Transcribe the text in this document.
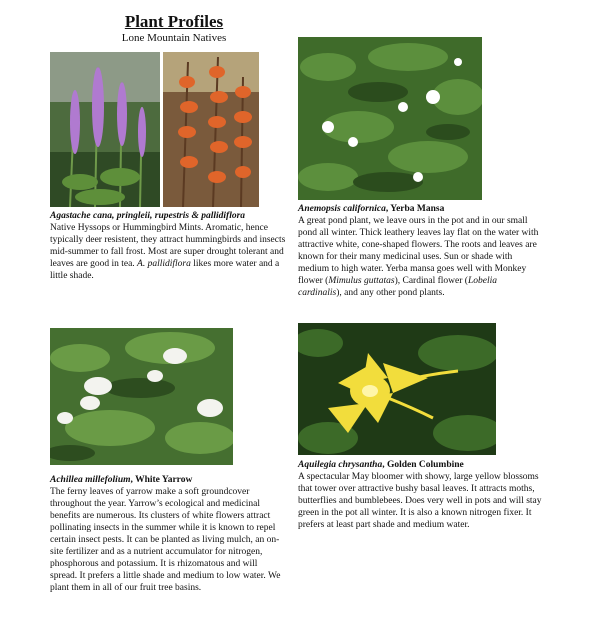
Plant Profiles
Lone Mountain Natives

Agastache cana, pringleii, rupestris & pallidiflora

Native Hyssops or Hummingbird Mints. Aromatic, hence typically deer resistent, they attract hummingbirds and insects mid-summer to fall frost. Most are super drought tolerant and leaves are good in tea. A. pallidiflora likes more water and a little shade.

Anemopsis californica, Yerba Mansa

A great pond plant, we leave ours in the pot and in our small pond all winter. Thick leathery leaves lay flat on the water with attractive white, cone-shaped flowers. The roots and leaves are known for their many medicinal uses. Sun or shade with medium to high water. Yerba mansa goes well with Monkey flower (Mimulus guttatas), Cardinal flower (Lobelia cardinalis), and any other pond plants.

Achillea millefolium, White Yarrow

The ferny leaves of yarrow make a soft groundcover throughout the year. Yarrow’s ecological and medicinal benefits are numerous. Its clusters of white flowers attract pollinating insects in the summer while it is known to repel certain insect pests. It can be planted as living mulch, an on-site fertilizer and as a nutrient accumulator for nitrogen, phosphorous and potassium. It is rhizomatous and will spread. It prefers a little shade and medium to low water. We plant them in all of our fruit tree basins.

Aquilegia chrysantha, Golden Columbine

A spectacular May bloomer with showy, large yellow blossoms that tower over attractive bushy basal leaves. It attracts moths, butterflies and bumblebees. Does very well in pots and will stay green in the pot all winter. It is also a known nitrogen fixer. It prefers at least part shade and medium water.
